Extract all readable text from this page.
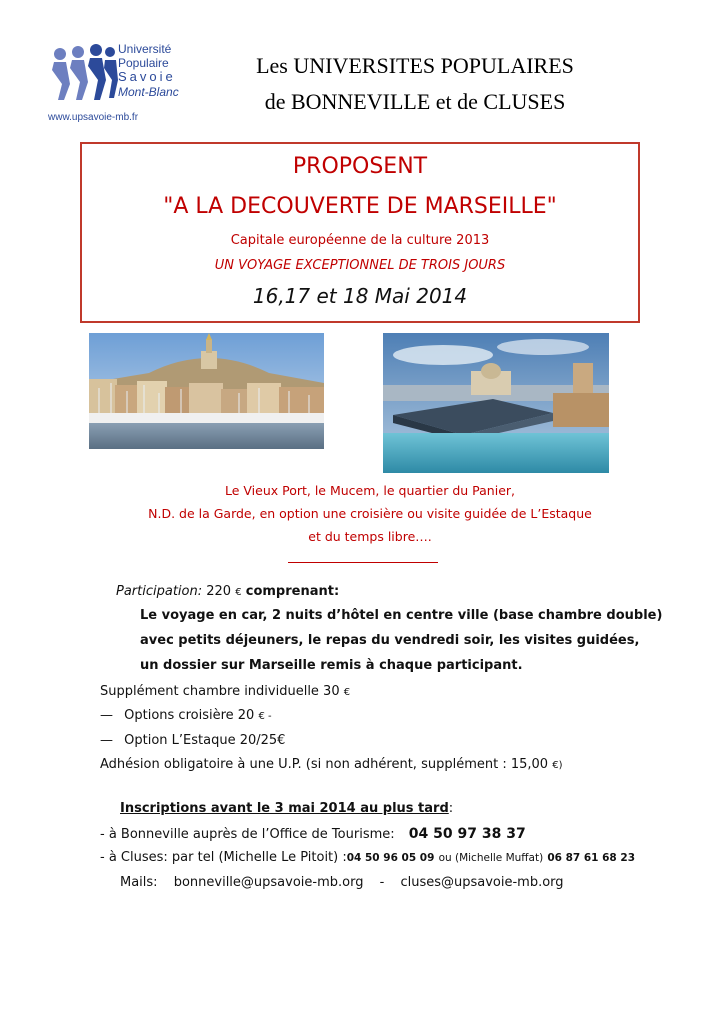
Université
Populaire
Savoie
Mont-Blanc
www.upsavoie-mb.fr
Les UNIVERSITES POPULAIRES
de BONNEVILLE et de CLUSES
PROPOSENT
"A LA DECOUVERTE DE MARSEILLE"
Capitale européenne de la culture 2013
UN VOYAGE EXCEPTIONNEL DE TROIS JOURS
16,17 et 18 Mai 2014
Le Vieux Port, le Mucem, le quartier du Panier,
N.D. de la Garde, en option une croisière ou visite guidée de L’Estaque
et du temps libre….
Participation: 220 € comprenant:
Le voyage en car, 2 nuits d’hôtel en centre ville (base chambre double)
avec petits déjeuners, le repas du vendredi soir, les visites guidées,
un dossier sur Marseille remis à chaque participant.
Supplément chambre individuelle 30 €
— Options croisière 20 € -
— Option L’Estaque 20/25€
Adhésion obligatoire à une U.P. (si non adhérent, supplément : 15,00 €)
Inscriptions avant le 3 mai 2014 au plus tard:
- à Bonneville auprès de l’Office de Tourisme: 04 50 97 38 37
- à Cluses: par tel (Michelle Le Pitoit) :04 50 96 05 09 ou (Michelle Muffat) 06 87 61 68 23
Mails: bonneville@upsavoie-mb.org - cluses@upsavoie-mb.org
